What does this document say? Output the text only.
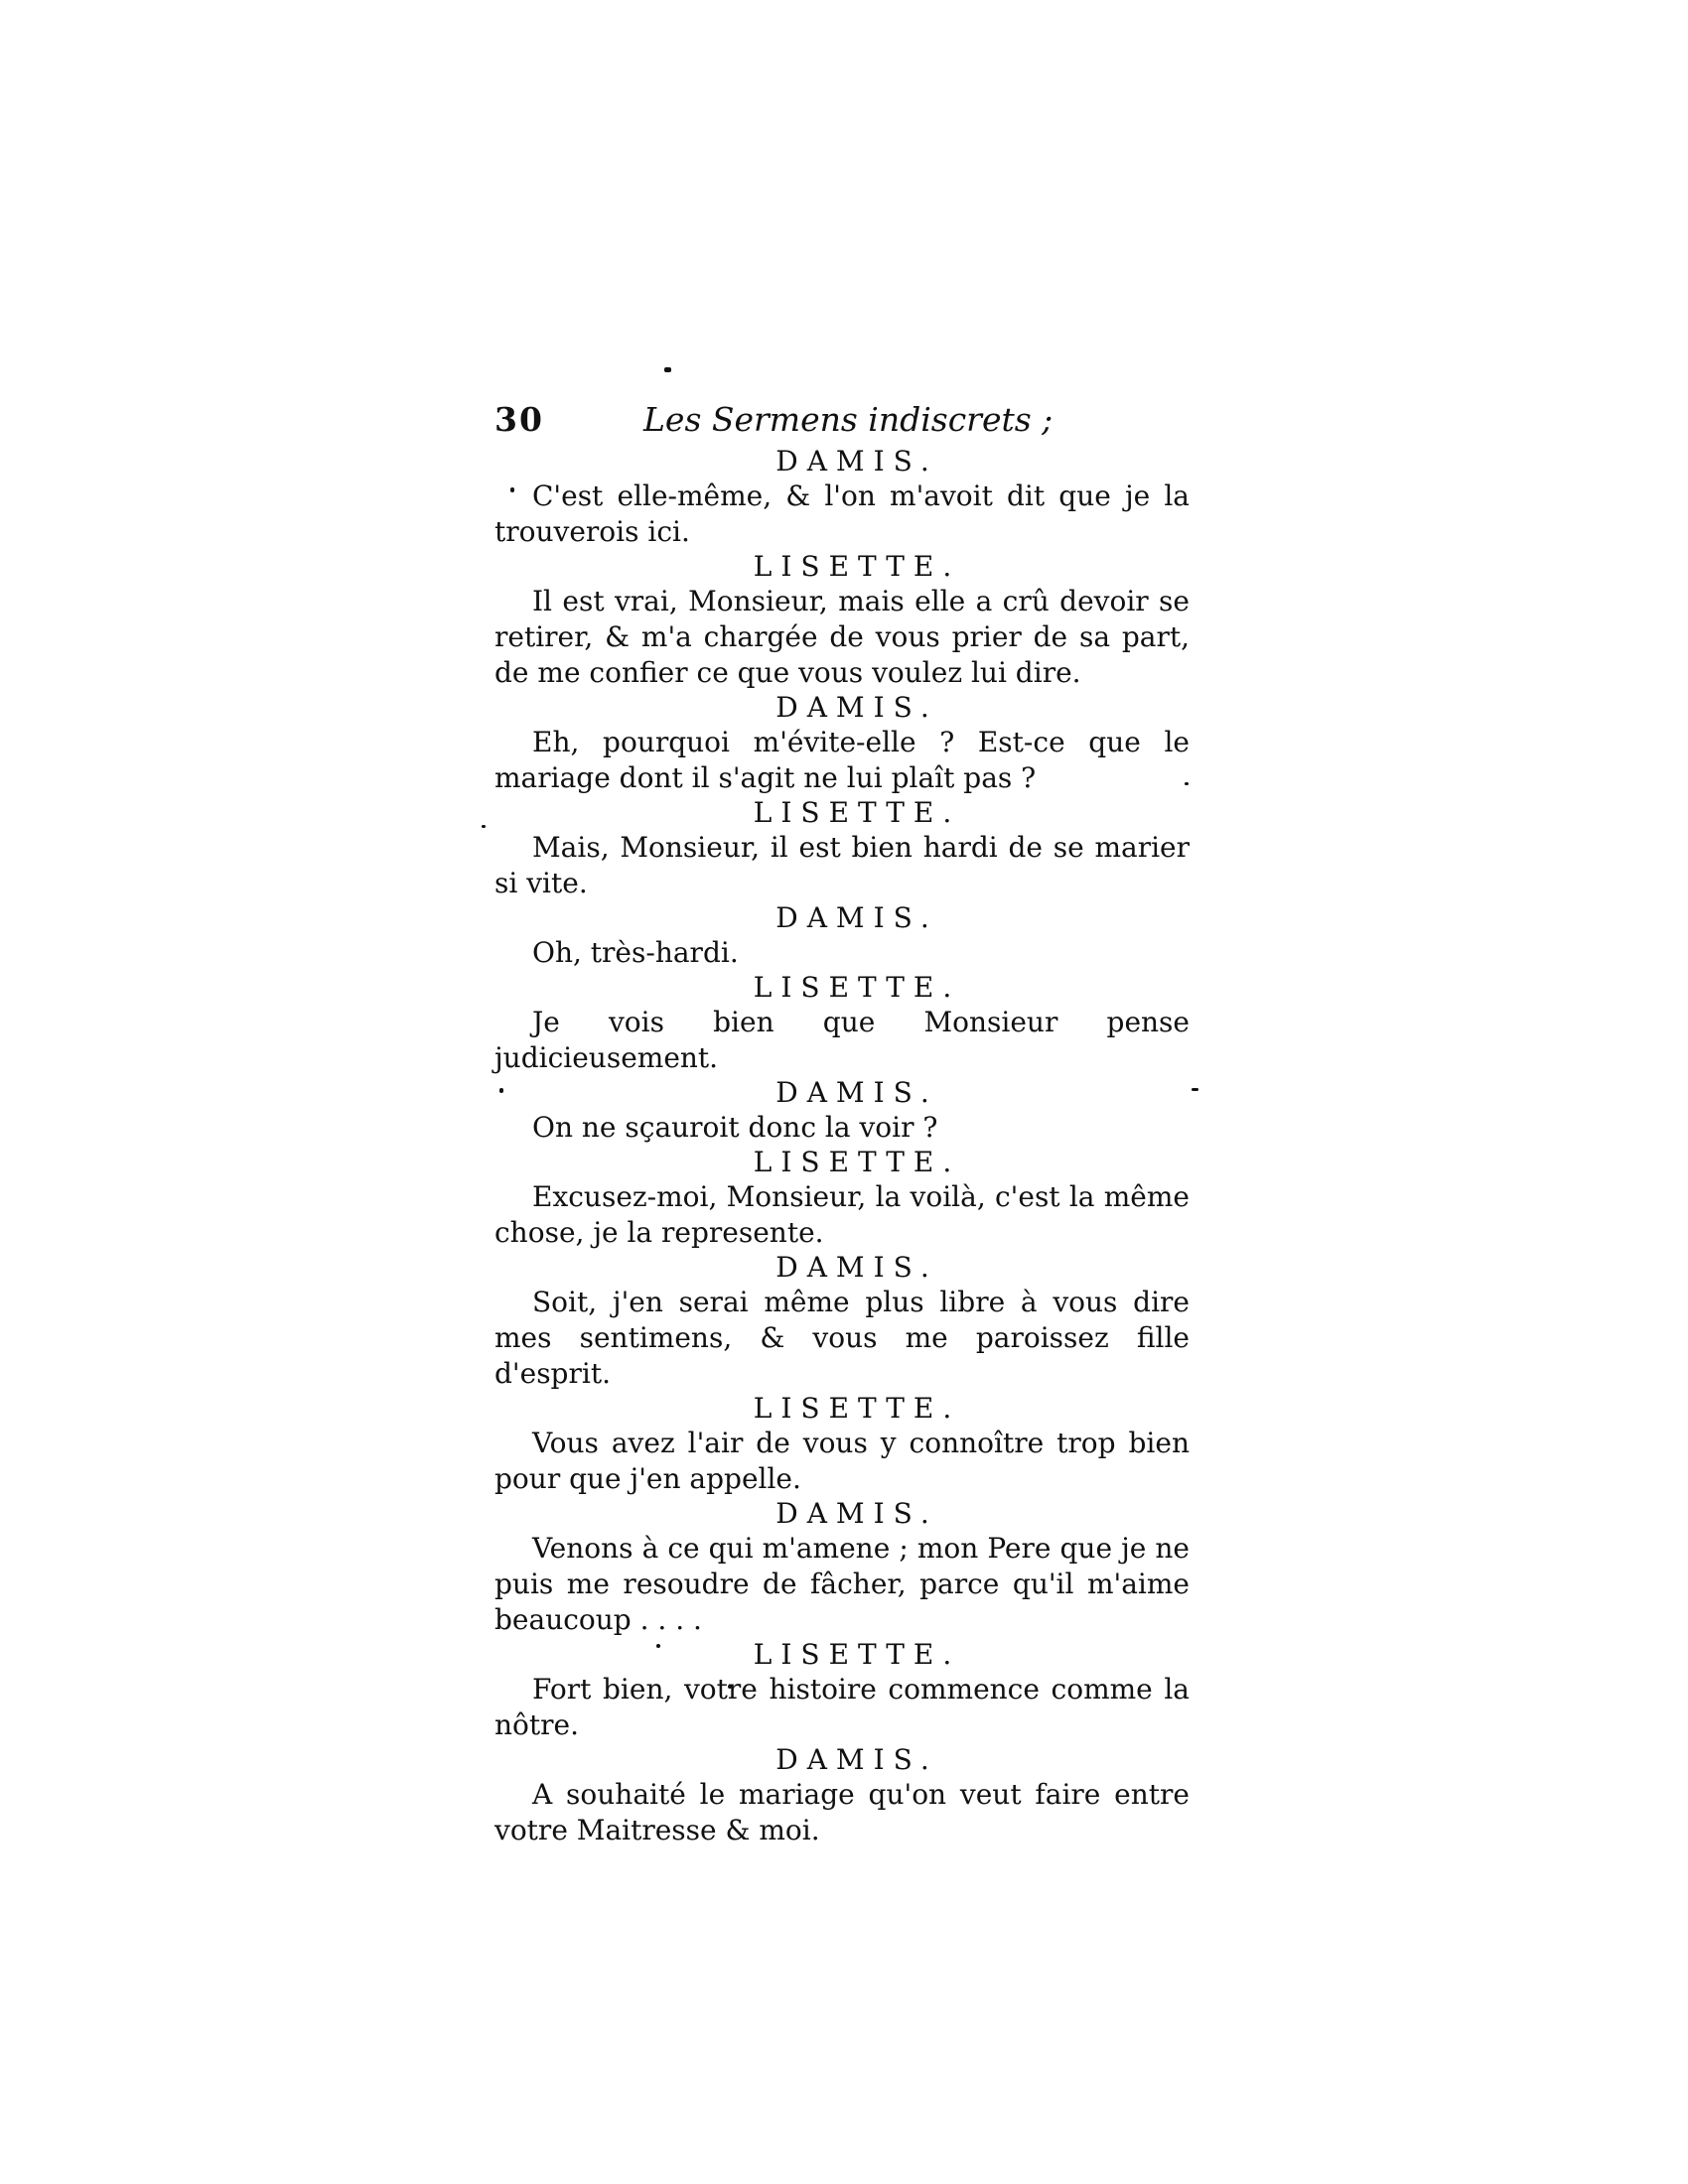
30	Les Sermens indiscrets ;
DAMIS.

C'est elle-même, & l'on m'avoit dit que je la trouverois ici.

LISETTE.

Il est vrai, Monsieur, mais elle a crû devoir se retirer, & m'a chargée de vous prier de sa part, de me confier ce que vous voulez lui dire.

DAMIS.

Eh, pourquoi m'évite-elle ? Est-ce que le mariage dont il s'agit ne lui plaît pas ?

LISETTE.

Mais, Monsieur, il est bien hardi de se marier si vite.

DAMIS.

Oh, très-hardi.

LISETTE.

Je vois bien que Monsieur pense judicieusement.

DAMIS.

On ne sçauroit donc la voir ?

LISETTE.

Excusez-moi, Monsieur, la voilà, c'est la même chose, je la represente.

DAMIS.

Soit, j'en serai même plus libre à vous dire mes sentimens, & vous me paroissez fille d'esprit.

LISETTE.

Vous avez l'air de vous y connoître trop bien pour que j'en appelle.

DAMIS.

Venons à ce qui m'amene ; mon Pere que je ne puis me resoudre de fâcher, parce qu'il m'aime beaucoup . . . .

LISETTE.

Fort bien, votre histoire commence comme la nôtre.

DAMIS.

A souhaité le mariage qu'on veut faire entre votre Maitresse & moi.
